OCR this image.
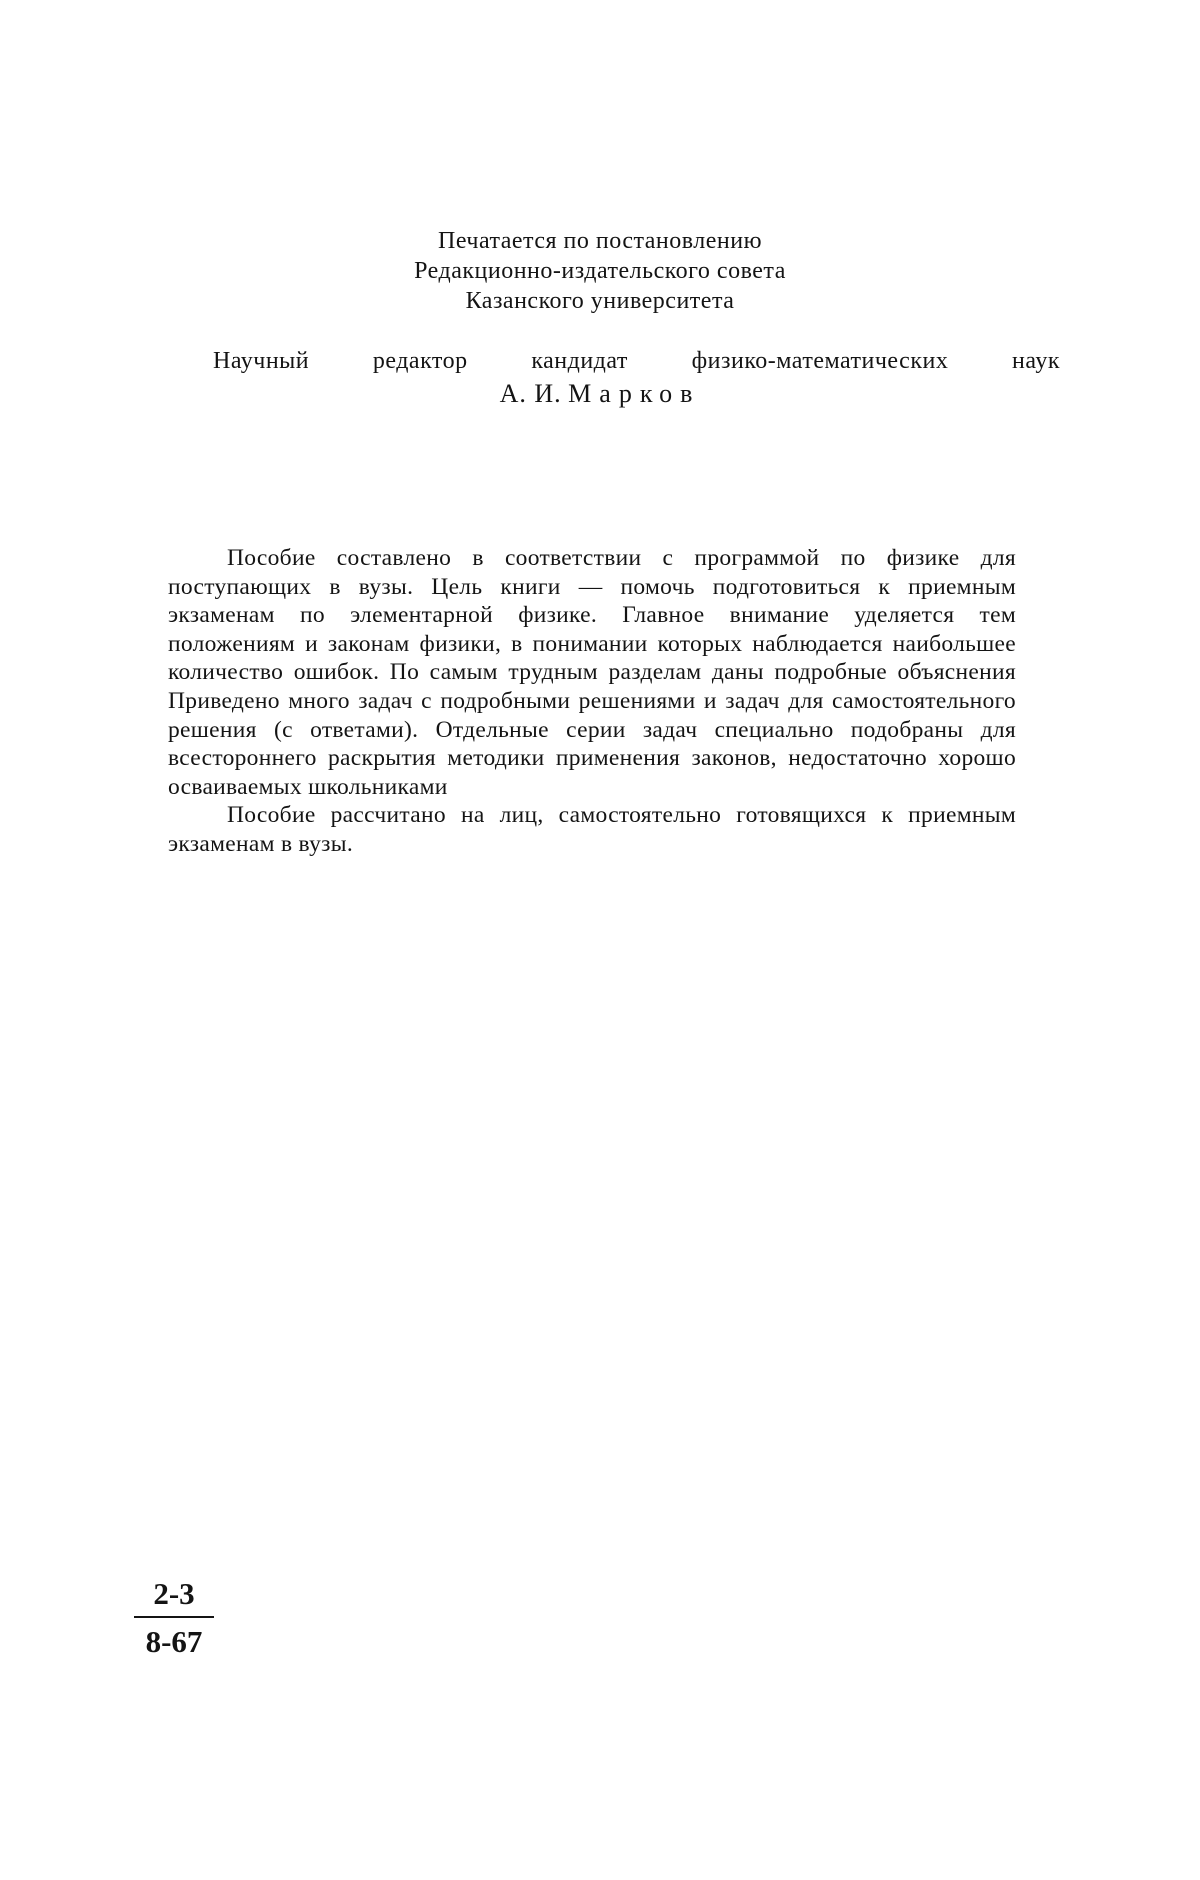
Печатается по постановлению
Редакционно-издательского совета
Казанского университета
Научный редактор кандидат физико-математических наук
А. И. Марков

Пособие составлено в соответствии с программой по физике для поступающих в вузы. Цель книги — помочь подготовиться к приемным экзаменам по элементарной физике. Главное внимание уделяется тем положениям и законам физики, в понимании которых наблюдается наибольшее количество ошибок. По самым трудным разделам даны подробные объяснения Приведено много задач с подробными решениями и задач для самостоятельного решения (с ответами). Отдельные серии задач специально подобраны для всестороннего раскрытия методики применения законов, недостаточно хорошо осваиваемых школьниками

Пособие рассчитано на лиц, самостоятельно готовящихся к приемным экзаменам в вузы.

2-3
8-67
